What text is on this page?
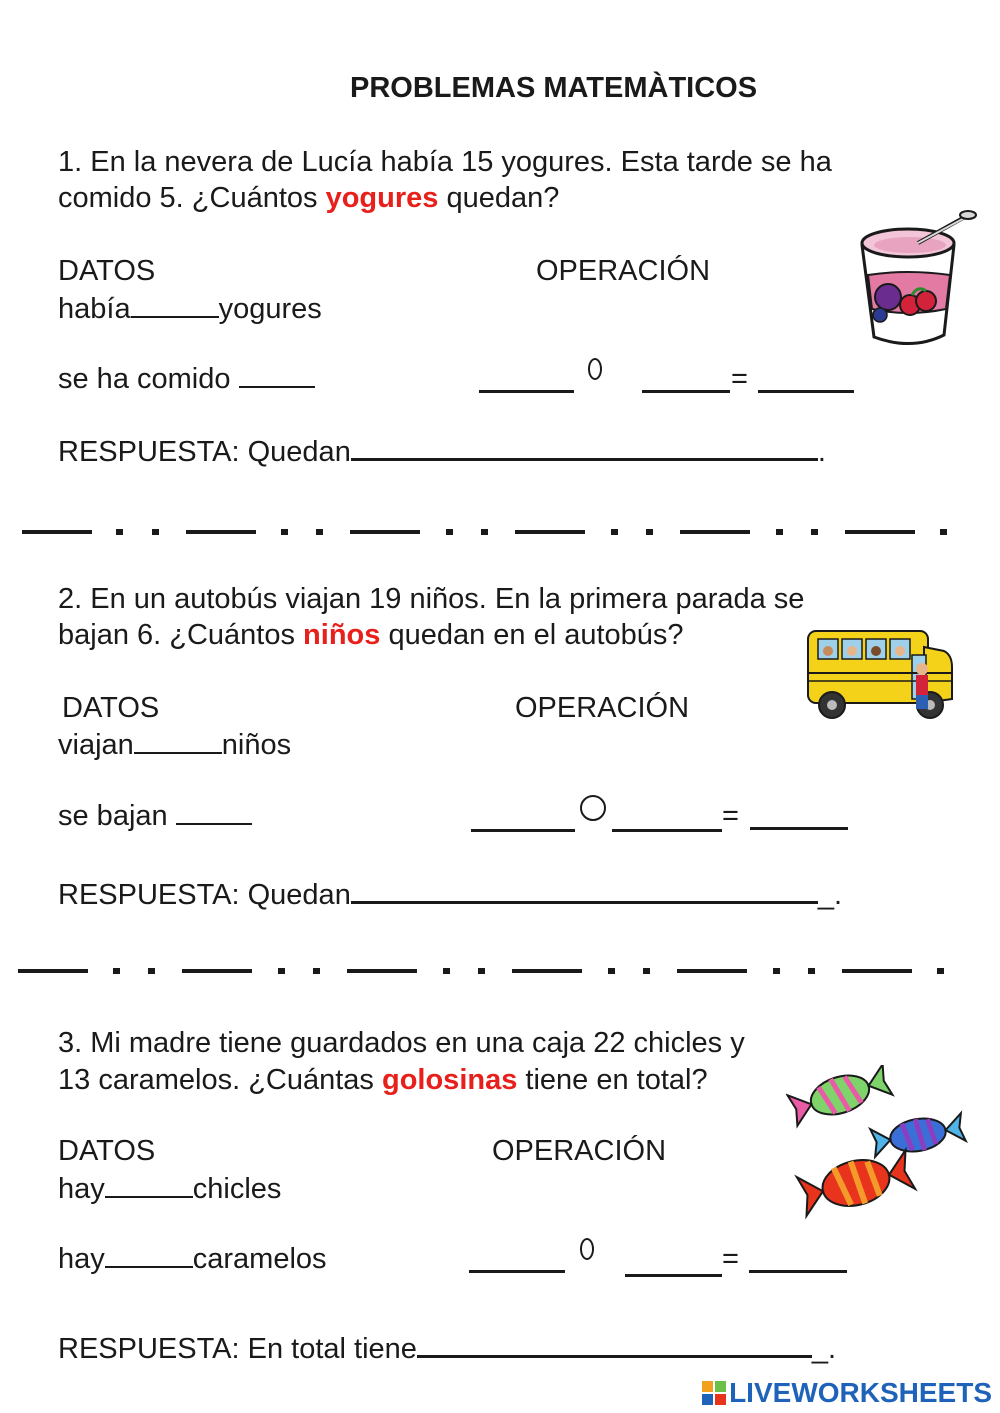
PROBLEMAS MATEMÀTICOS
1. En la nevera de Lucía había 15 yogures. Esta tarde se ha
comido 5. ¿Cuántos yogures quedan?
DATOS	OPERACIÓN
había	yogures
se ha comido	=
RESPUESTA: Quedan	.
2. En un autobús viajan 19 niños. En la primera parada se
bajan 6. ¿Cuántos niños quedan en el autobús?
DATOS	OPERACIÓN
viajan	niños
se bajan	=
RESPUESTA: Quedan	_.
3. Mi madre tiene guardados en una caja 22 chicles y
13 caramelos. ¿Cuántas golosinas tiene en total?
DATOS	OPERACIÓN
hay	chicles
hay	caramelos	=
RESPUESTA: En total tiene	_.
LIVEWORKSHEETS
